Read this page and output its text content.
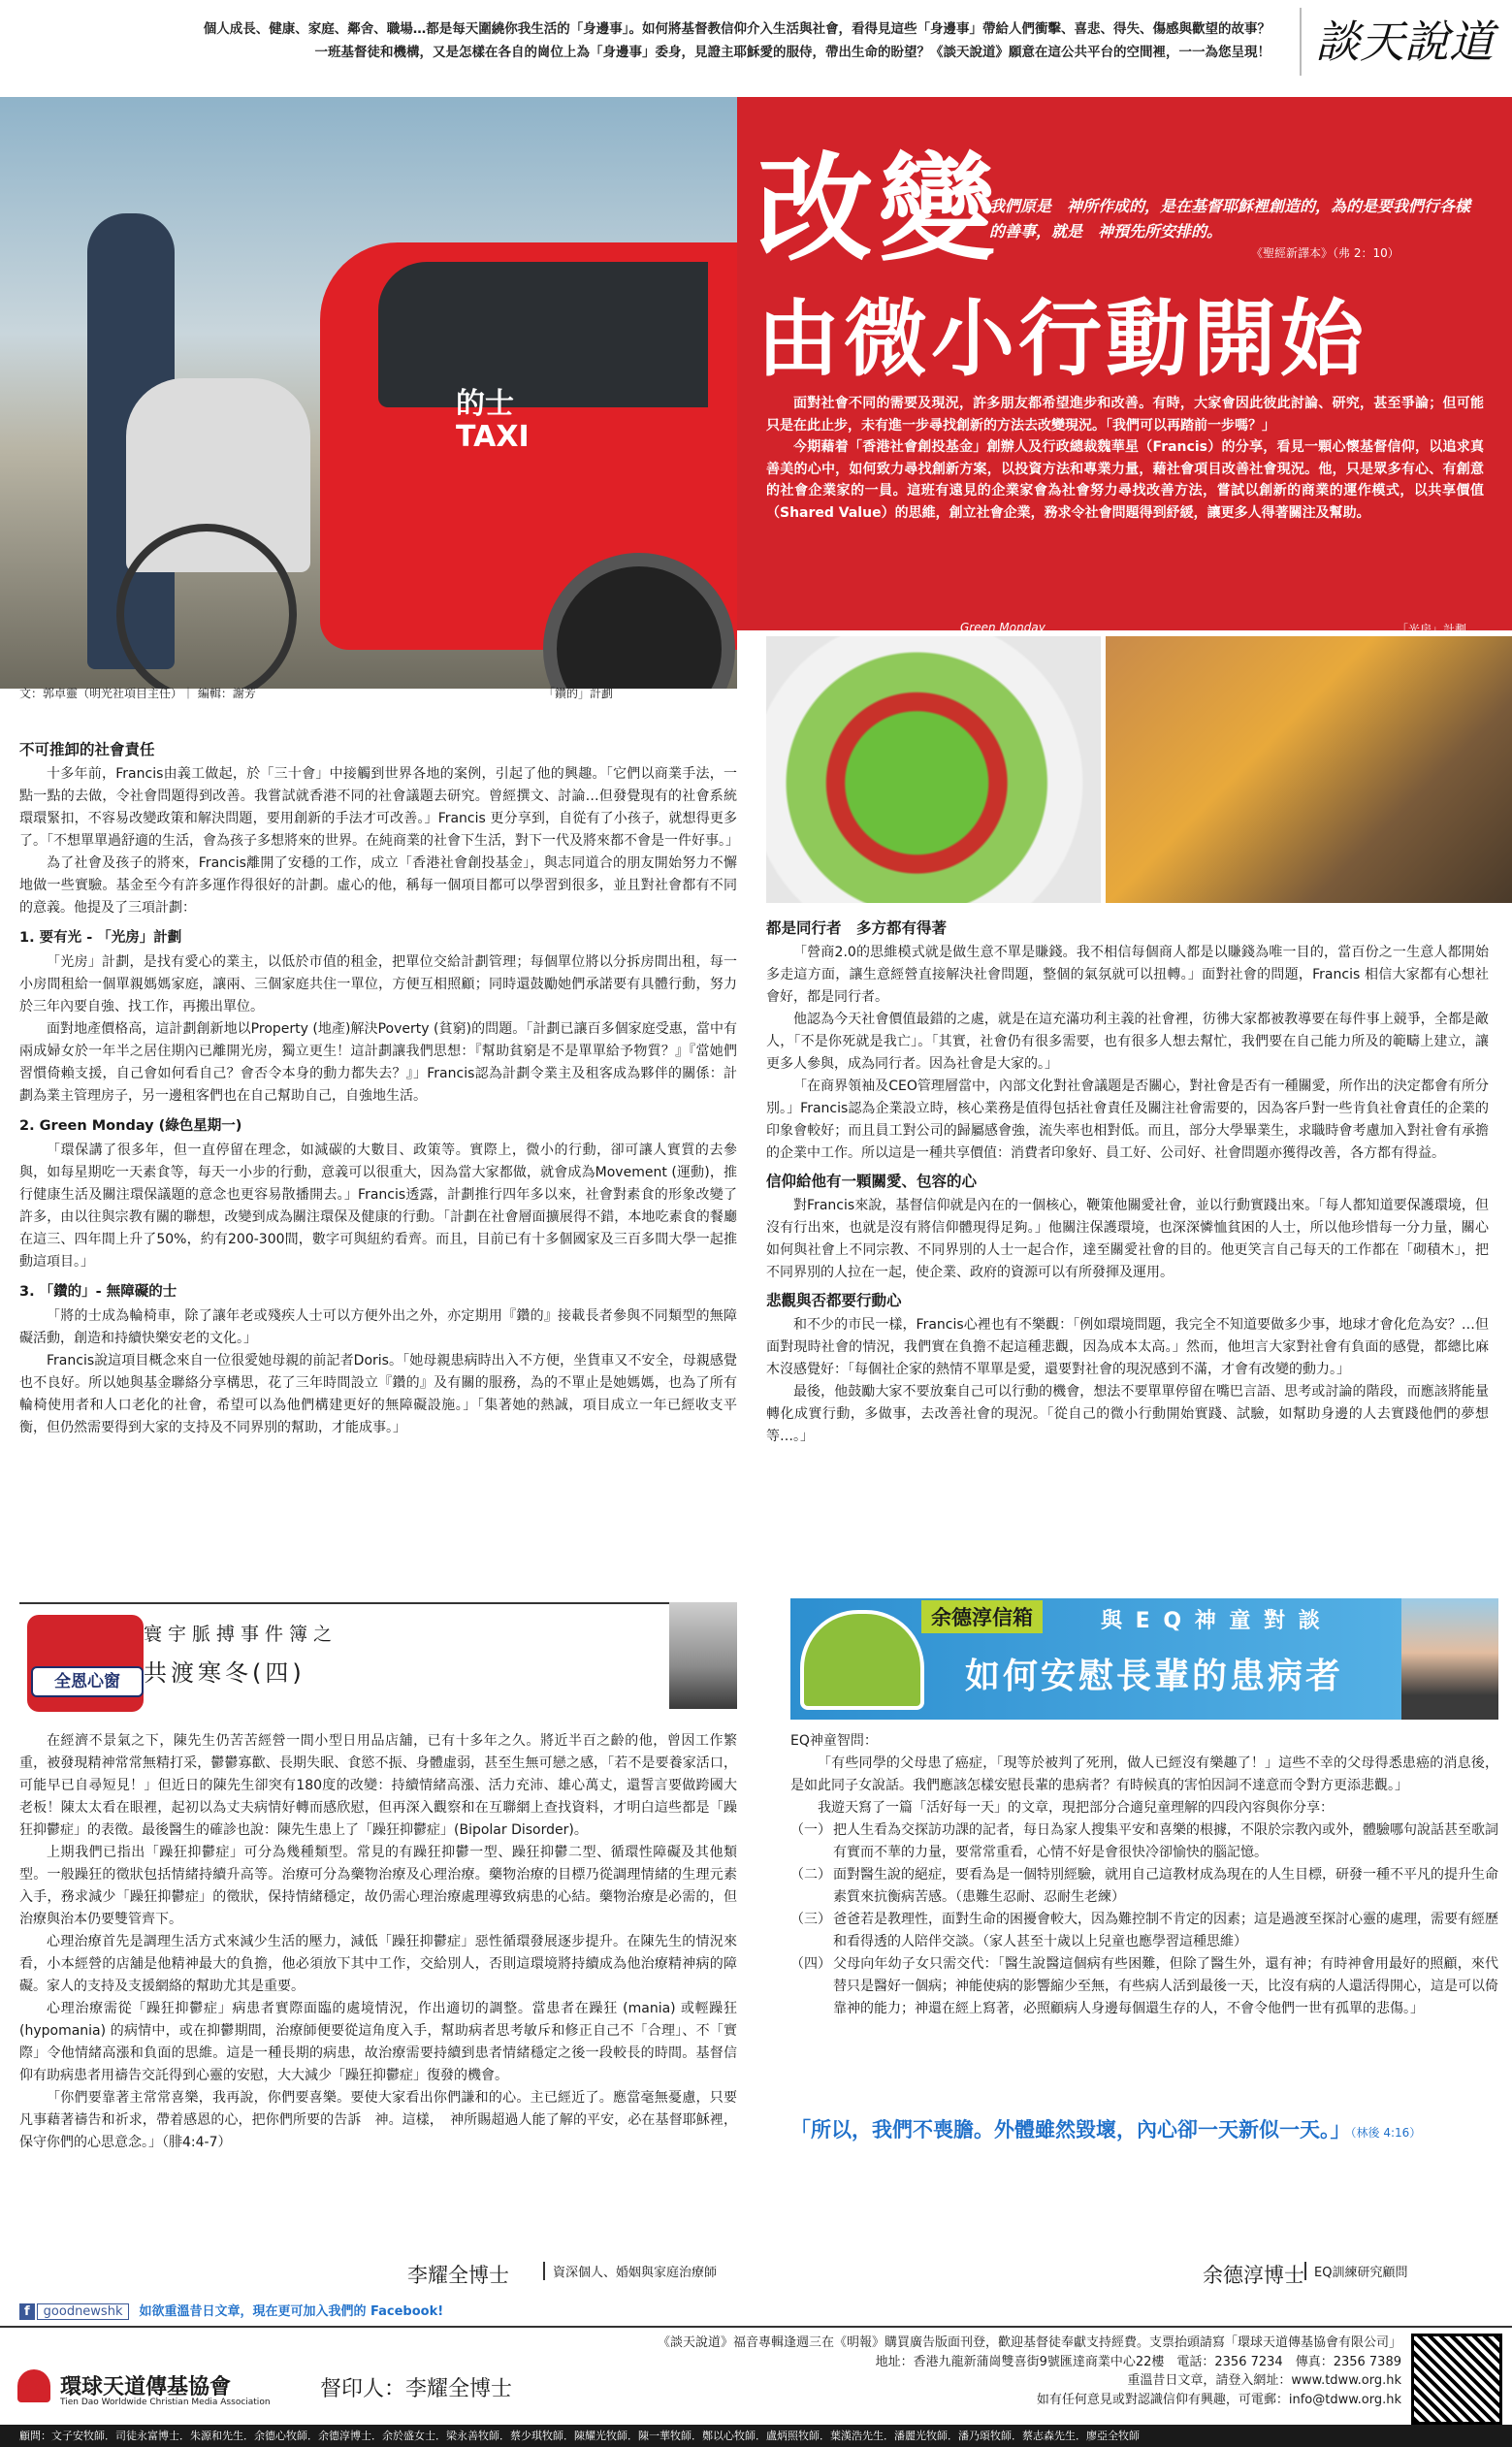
個人成長、健康、家庭、鄰舍、職場…都是每天圍繞你我生活的「身邊事」。如何將基督教信仰介入生活與社會，看得見這些「身邊事」帶給人們衝擊、喜悲、得失、傷感與歡望的故事？
一班基督徒和機構，又是怎樣在各自的崗位上為「身邊事」委身，見證主耶穌愛的服侍，帶出生命的盼望？《談天說道》願意在這公共平台的空間裡，一一為您呈現！	談天說道
的士 TAXI
改變
由微小行動開始
我們原是　神所作成的，是在基督耶穌裡創造的，為的是要我們行各樣的善事，就是　神預先所安排的。
《聖經新譯本》（弗 2：10）

面對社會不同的需要及現況，許多朋友都希望進步和改善。有時，大家會因此彼此討論、研究，甚至爭論；但可能只是在此止步，未有進一步尋找創新的方法去改變現況。「我們可以再踏前一步嗎？」

今期藉着「香港社會創投基金」創辦人及行政總裁魏華星（Francis）的分享，看見一顆心懷基督信仰，以追求真善美的心中，如何致力尋找創新方案，以投資方法和專業力量，藉社會項目改善社會現況。他，只是眾多有心、有創意的社會企業家的一員。這班有遠見的企業家會為社會努力尋找改善方法，嘗試以創新的商業的運作模式，以共享價值（Shared Value）的思維，創立社會企業，務求令社會問題得到紓緩，讓更多人得著關注及幫助。

Green Monday	「光房」計劃
文：郭卓靈（明光社項目主任）｜ 編輯：謝芳	「鑽的」計劃
不可推卸的社會責任

十多年前，Francis由義工做起，於「三十會」中接觸到世界各地的案例，引起了他的興趣。「它們以商業手法，一點一點的去做，令社會問題得到改善。我嘗試就香港不同的社會議題去研究。曾經撰文、討論…但發覺現有的社會系統環環緊扣，不容易改變政策和解決問題，要用創新的手法才可改善。」Francis 更分享到，自從有了小孩子，就想得更多了。「不想單單過舒適的生活，會為孩子多想將來的世界。在純商業的社會下生活，對下一代及將來都不會是一件好事。」

為了社會及孩子的將來，Francis離開了安穩的工作，成立「香港社會創投基金」，與志同道合的朋友開始努力不懈地做一些實驗。基金至今有許多運作得很好的計劃。虛心的他，稱每一個項目都可以學習到很多，並且對社會都有不同的意義。他提及了三項計劃：

1. 要有光 - 「光房」計劃

「光房」計劃，是找有愛心的業主，以低於市值的租金，把單位交給計劃管理；每個單位將以分拆房間出租，每一小房間租給一個單親媽媽家庭，讓兩、三個家庭共住一單位，方便互相照顧；同時還鼓勵她們承諾要有具體行動，努力於三年內要自強、找工作，再搬出單位。

面對地產價格高，這計劃創新地以Property (地產)解決Poverty (貧窮)的問題。「計劃已讓百多個家庭受惠，當中有兩成婦女於一年半之居住期內已離開光房，獨立更生！這計劃讓我們思想：『幫助貧窮是不是單單給予物質？』『當她們習慣倚賴支援，自己會如何看自己？會否令本身的動力都失去？』」Francis認為計劃令業主及租客成為夥伴的關係：計劃為業主管理房子，另一邊租客們也在自己幫助自己，自強地生活。

2. Green Monday (綠色星期一)

「環保講了很多年，但一直停留在理念，如減碳的大數目、政策等。實際上，微小的行動，卻可讓人實質的去參與，如每星期吃一天素食等，每天一小步的行動，意義可以很重大，因為當大家都做，就會成為Movement (運動)，推行健康生活及關注環保議題的意念也更容易散播開去。」Francis透露，計劃推行四年多以來，社會對素食的形象改變了許多，由以往與宗教有關的聯想，改變到成為關注環保及健康的行動。「計劃在社會層面擴展得不錯，本地吃素食的餐廳在這三、四年間上升了50%，約有200-300間，數字可與紐約看齊。而且，目前已有十多個國家及三百多間大學一起推動這項目。」

3. 「鑽的」- 無障礙的士

「將的士成為輪椅車，除了讓年老或殘疾人士可以方便外出之外，亦定期用『鑽的』接載長者參與不同類型的無障礙活動，創造和持續快樂安老的文化。」

Francis說這項目概念來自一位很愛她母親的前記者Doris。「她母親患病時出入不方便，坐貨車又不安全，母親感覺也不良好。所以她與基金聯絡分享構思，花了三年時間設立『鑽的』及有關的服務，為的不單止是她媽媽，也為了所有輪椅使用者和人口老化的社會，希望可以為他們構建更好的無障礙設施。」「集著她的熱誠，項目成立一年已經收支平衡，但仍然需要得到大家的支持及不同界別的幫助，才能成事。」

都是同行者　多方都有得著

「營商2.0的思維模式就是做生意不單是賺錢。我不相信每個商人都是以賺錢為唯一目的，當百份之一生意人都開始多走這方面，讓生意經營直接解決社會問題，整個的氣氛就可以扭轉。」面對社會的問題，Francis 相信大家都有心想社會好，都是同行者。

他認為今天社會價值最錯的之處，就是在這充滿功利主義的社會裡，彷彿大家都被教導要在每件事上競爭，全都是敵人，「不是你死就是我亡」。「其實，社會仍有很多需要，也有很多人想去幫忙，我們要在自己能力所及的範疇上建立，讓更多人參與，成為同行者。因為社會是大家的。」

「在商界領袖及CEO管理層當中，內部文化對社會議題是否關心，對社會是否有一種關愛，所作出的決定都會有所分別。」Francis認為企業設立時，核心業務是值得包括社會責任及關注社會需要的，因為客戶對一些肯負社會責任的企業的印象會較好；而且員工對公司的歸屬感會強，流失率也相對低。而且，部分大學畢業生，求職時會考慮加入對社會有承擔的企業中工作。所以這是一種共享價值：消費者印象好、員工好、公司好、社會問題亦獲得改善，各方都有得益。

信仰給他有一顆關愛、包容的心

對Francis來說，基督信仰就是內在的一個核心，鞭策他關愛社會，並以行動實踐出來。「每人都知道要保護環境，但沒有行出來，也就是沒有將信仰體現得足夠。」他關注保護環境，也深深憐恤貧困的人士，所以他珍惜每一分力量，關心如何與社會上不同宗教、不同界別的人士一起合作，達至關愛社會的目的。他更笑言自己每天的工作都在「砌積木」，把不同界別的人拉在一起，使企業、政府的資源可以有所發揮及運用。

悲觀與否都要行動心

和不少的市民一樣，Francis心裡也有不樂觀：「例如環境問題，我完全不知道要做多少事，地球才會化危為安？…但面對現時社會的情況，我們實在負擔不起這種悲觀，因為成本太高。」然而，他坦言大家對社會有負面的感覺，都總比麻木沒感覺好：「每個社企家的熱情不單單是愛，還要對社會的現況感到不滿，才會有改變的動力。」

最後，他鼓勵大家不要放棄自己可以行動的機會，想法不要單單停留在嘴巴言語、思考或討論的階段，而應該將能量轉化成實行動，多做事，去改善社會的現況。「從自己的微小行動開始實踐、試驗，如幫助身邊的人去實踐他們的夢想等…。」

全恩心窗
寰宇脈搏事件簿之
共渡寒冬(四)
余德淳信箱	與 E Q 神 童 對 談
如何安慰長輩的患病者

在經濟不景氣之下，陳先生仍苦苦經營一間小型日用品店舖，已有十多年之久。將近半百之齡的他，曾因工作繁重，被發現精神常常無精打采，鬱鬱寡歡、長期失眠、食慾不振、身體虛弱，甚至生無可戀之感，「若不是要養家活口，可能早已自尋短見！」但近日的陳先生卻突有180度的改變：持續情緒高漲、活力充沛、雄心萬丈，還誓言要做跨國大老板！陳太太看在眼裡，起初以為丈夫病情好轉而感欣慰，但再深入觀察和在互聯網上查找資料，才明白這些都是「躁狂抑鬱症」的表徵。最後醫生的確診也說：陳先生患上了「躁狂抑鬱症」(Bipolar Disorder)。

上期我們已指出「躁狂抑鬱症」可分為幾種類型。常見的有躁狂抑鬱一型、躁狂抑鬱二型、循環性障礙及其他類型。一般躁狂的徵狀包括情緒持續升高等。治療可分為藥物治療及心理治療。藥物治療的目標乃從調理情緒的生理元素入手，務求減少「躁狂抑鬱症」的徵狀，保持情緒穩定，故仍需心理治療處理導致病患的心結。藥物治療是必需的，但治療與治本仍要雙管齊下。

心理治療首先是調理生活方式來減少生活的壓力，減低「躁狂抑鬱症」惡性循環發展逐步提升。在陳先生的情況來看，小本經營的店舖是他精神最大的負擔，他必須放下其中工作，交給別人，否則這環境將持續成為他治療精神病的障礙。家人的支持及支援網絡的幫助尤其是重要。

心理治療需從「躁狂抑鬱症」病患者實際面臨的處境情況，作出適切的調整。當患者在躁狂 (mania) 或輕躁狂 (hypomania) 的病情中，或在抑鬱期間，治療師便要從這角度入手，幫助病者思考敏斥和修正自己不「合理」、不「實際」令他情緒高漲和負面的思維。這是一種長期的病患，故治療需要持續到患者情緒穩定之後一段較長的時間。基督信仰有助病患者用禱告交託得到心靈的安慰，大大減少「躁狂抑鬱症」復發的機會。

「你們要靠著主常常喜樂，我再說，你們要喜樂。要使大家看出你們謙和的心。主已經近了。應當毫無憂慮，只要凡事藉著禱告和祈求，帶着感恩的心，把你們所要的告訴　神。這樣，　神所賜超過人能了解的平安，必在基督耶穌裡，保守你們的心思意念。」（腓4:4-7）

EQ神童智問：

「有些同學的父母患了癌症，「現等於被判了死刑，做人已經沒有樂趣了！」這些不幸的父母得悉患癌的消息後，是如此同子女說話。我們應該怎樣安慰長輩的患病者？有時候真的害怕因詞不達意而令對方更添悲觀。」

我遊天寫了一篇「活好每一天」的文章，現把部分合適兒童理解的四段內容與你分享：

（一） 把人生看為交探訪功課的記者，每日為家人搜集平安和喜樂的根據，不限於宗教內或外，體驗哪句說話甚至歌詞有實而不華的力量，要常常重看，心情不好是會很快冷卻愉快的腦記憶。
（二） 面對醫生說的絕症，要看為是一個特別經驗，就用自己這教材成為現在的人生目標，研發一種不平凡的提升生命素質來抗衡病苦感。（患難生忍耐、忍耐生老練）
（三） 爸爸若是教理性，面對生命的困擾會較大，因為難控制不肯定的因素；這是過渡至探討心靈的處理，需要有經歷和看得透的人陪伴交談。（家人甚至十歲以上兒童也應學習這種思維）
（四） 父母向年幼子女只需交代：「醫生說醫這個病有些困難，但除了醫生外，還有神；有時神會用最好的照顧，來代替只是醫好一個病；神能使病的影響縮少至無，有些病人活到最後一天，比沒有病的人還活得開心，這是可以倚靠神的能力；神還在經上寫著，必照顧病人身邊每個還生存的人，不會令他們一世有孤單的悲傷。」
「所以，我們不喪膽。外體雖然毀壞，內心卻一天新似一天。」（林後 4:16）
李耀全博士	資深個人、婚姻與家庭治療師	余德淳博士 EQ訓練研究顧問
f goodnewshk 如欲重溫昔日文章，現在更可加入我們的 Facebook!
環球天道傳基協會
Tien Dao Worldwide Christian Media Association
督印人：李耀全博士
《談天說道》福音專輯逢週三在《明報》購買廣告版面刊登，歡迎基督徒奉獻支持經費。支票抬頭請寫「環球天道傳基協會有限公司」
地址：香港九龍新蒲崗雙喜街9號匯達商業中心22樓　電話：2356 7234　傳真：2356 7389
重溫昔日文章，請登入網址：www.tdww.org.hk
如有任何意見或對認識信仰有興趣，可電郵：info@tdww.org.hk
顧問：文子安牧師．司徒永富博士．朱源和先生．余德心牧師．余德淳博士．余於盛女士．梁永善牧師．蔡少琪牧師．陳耀光牧師．陳一華牧師．鄭以心牧師．盧炳照牧師．葉漢浩先生．潘麗光牧師．潘乃頌牧師．蔡志森先生．廖亞全牧師
